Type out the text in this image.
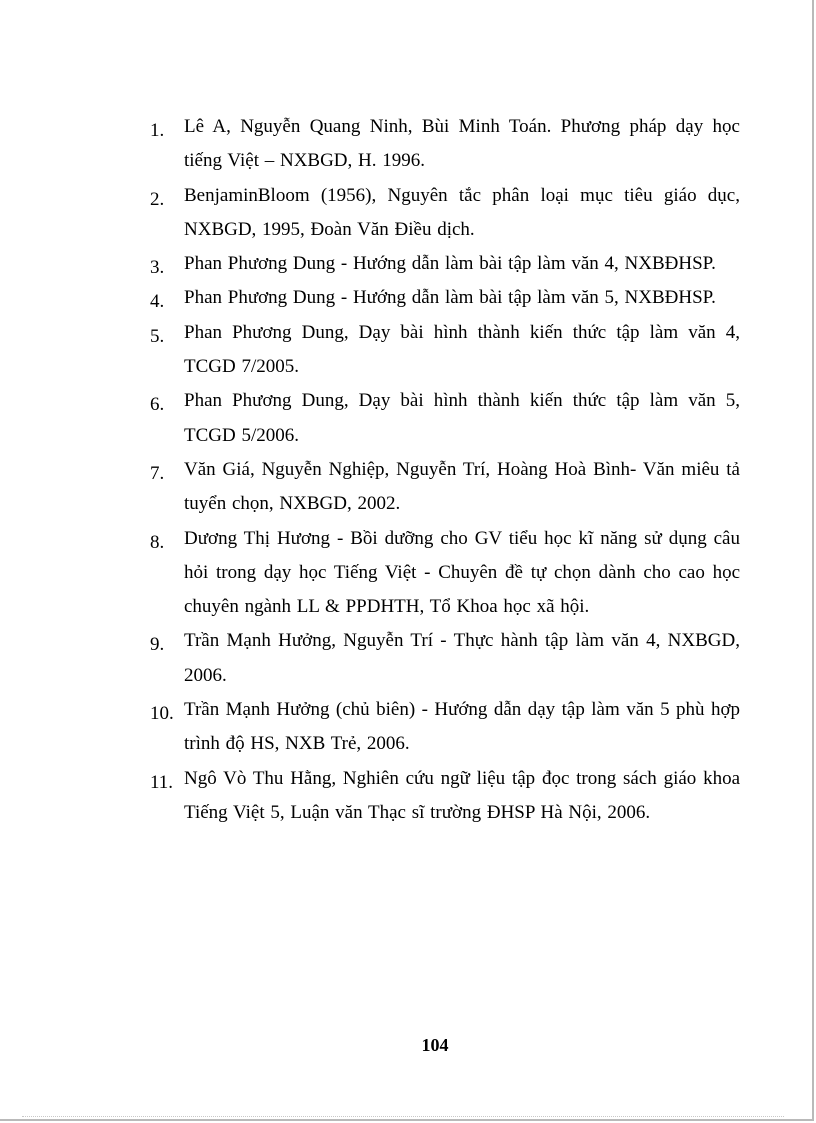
1. Lê A, Nguyễn Quang Ninh, Bùi Minh Toán. Phương pháp dạy học tiếng Việt – NXBGD, H. 1996.
2. BenjaminBloom (1956), Nguyên tắc phân loại mục tiêu giáo dục, NXBGD, 1995, Đoàn Văn Điều dịch.
3. Phan Phương Dung - Hướng dẫn làm bài tập làm văn 4, NXBĐHSP.
4. Phan Phương Dung - Hướng dẫn làm bài tập làm văn 5, NXBĐHSP.
5. Phan Phương Dung, Dạy bài hình thành kiến thức tập làm văn 4, TCGD 7/2005.
6. Phan Phương Dung, Dạy bài hình thành kiến thức tập làm văn 5, TCGD 5/2006.
7. Văn Giá, Nguyễn Nghiệp, Nguyễn Trí, Hoàng Hoà Bình- Văn miêu tả tuyển chọn, NXBGD, 2002.
8. Dương Thị Hương - Bồi dưỡng cho GV tiểu học kĩ năng sử dụng câu hỏi trong dạy học Tiếng Việt - Chuyên đề tự chọn dành cho cao học chuyên ngành LL & PPDHTH, Tổ Khoa học xã hội.
9. Trần Mạnh Hưởng, Nguyễn Trí - Thực hành tập làm văn 4, NXBGD, 2006.
10. Trần Mạnh Hưởng (chủ biên) - Hướng dẫn dạy tập làm văn 5 phù hợp trình độ HS, NXB Trẻ, 2006.
11. Ngô Vò Thu Hằng, Nghiên cứu ngữ liệu tập đọc trong sách giáo khoa Tiếng Việt 5, Luận văn Thạc sĩ trường ĐHSP Hà Nội, 2006.
104
